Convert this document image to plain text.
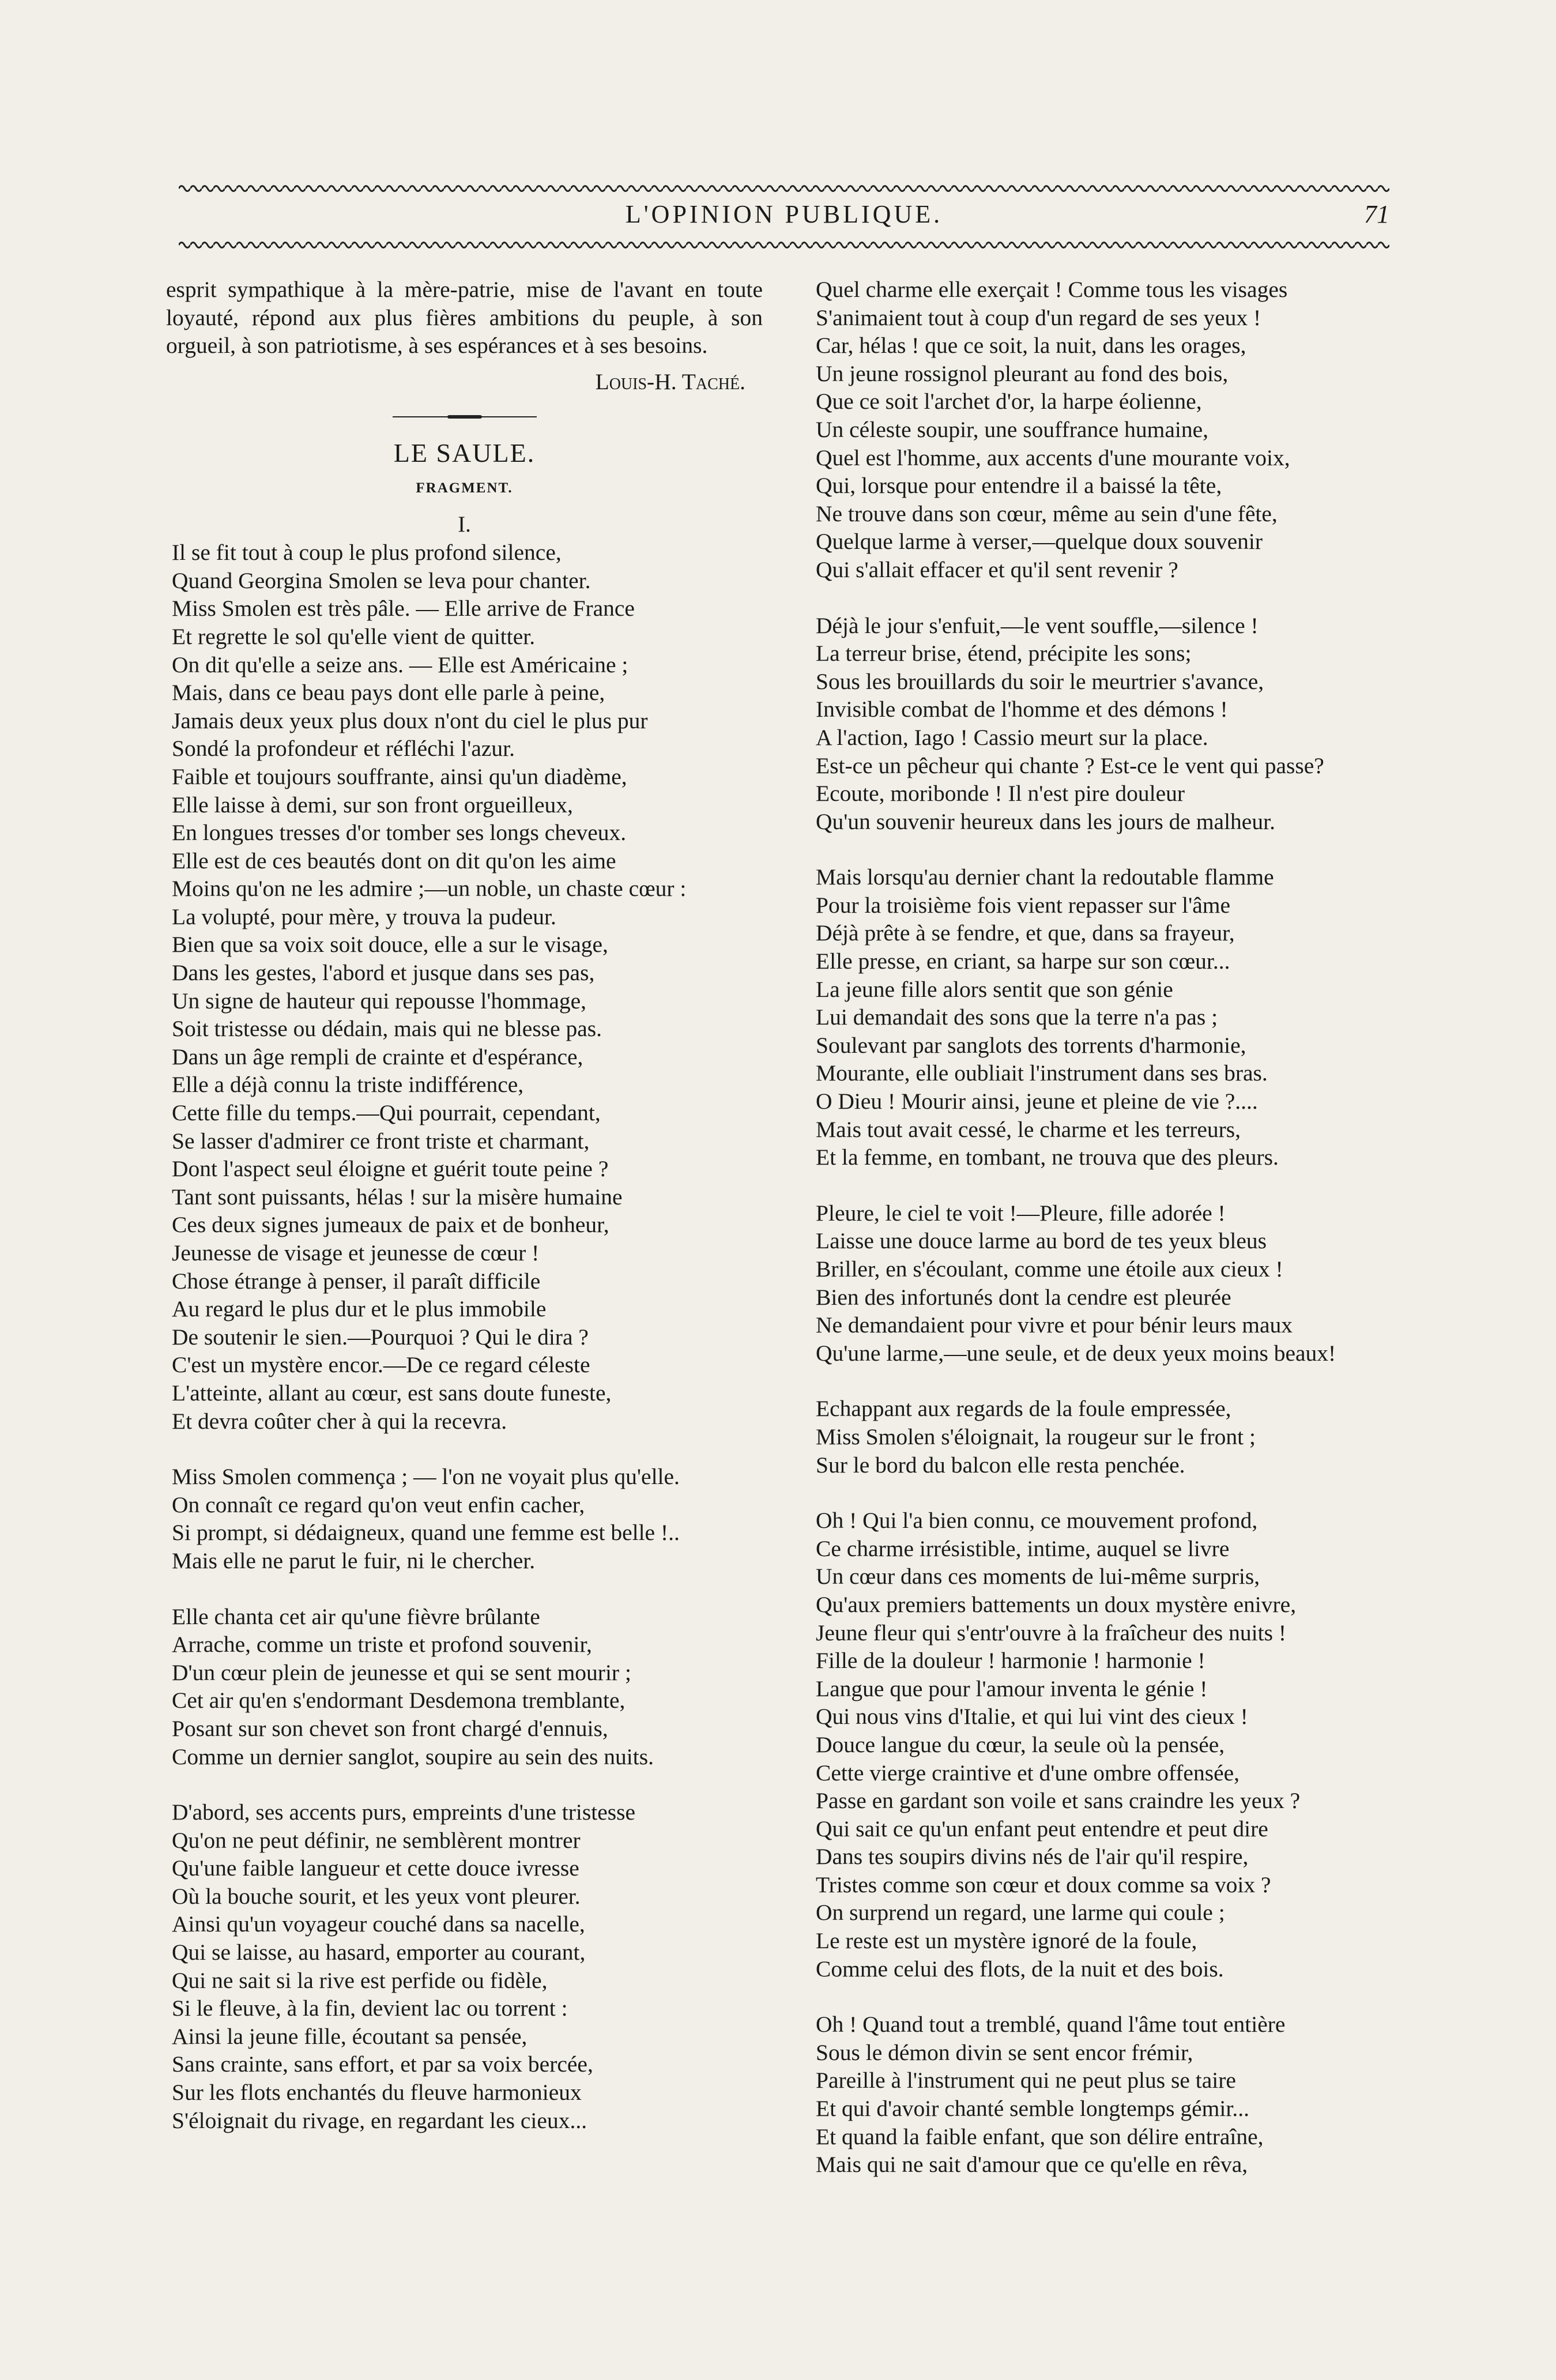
L'OPINION PUBLIQUE.	71

esprit sympathique à la mère-patrie, mise de l'avant en toute loyauté, répond aux plus fières ambitions du peuple, à son orgueil, à son patriotisme, à ses espérances et à ses besoins.

Louis-H. Taché.
LE SAULE.
FRAGMENT.
I.
Il se fit tout à coup le plus profond silence,
Quand Georgina Smolen se leva pour chanter.
Miss Smolen est très pâle. — Elle arrive de France
Et regrette le sol qu'elle vient de quitter.
On dit qu'elle a seize ans. — Elle est Américaine ;
Mais, dans ce beau pays dont elle parle à peine,
Jamais deux yeux plus doux n'ont du ciel le plus pur
Sondé la profondeur et réfléchi l'azur.
Faible et toujours souffrante, ainsi qu'un diadème,
Elle laisse à demi, sur son front orgueilleux,
En longues tresses d'or tomber ses longs cheveux.
Elle est de ces beautés dont on dit qu'on les aime
Moins qu'on ne les admire ;—un noble, un chaste cœur :
La volupté, pour mère, y trouva la pudeur.
Bien que sa voix soit douce, elle a sur le visage,
Dans les gestes, l'abord et jusque dans ses pas,
Un signe de hauteur qui repousse l'hommage,
Soit tristesse ou dédain, mais qui ne blesse pas.
Dans un âge rempli de crainte et d'espérance,
Elle a déjà connu la triste indifférence,
Cette fille du temps.—Qui pourrait, cependant,
Se lasser d'admirer ce front triste et charmant,
Dont l'aspect seul éloigne et guérit toute peine ?
Tant sont puissants, hélas ! sur la misère humaine
Ces deux signes jumeaux de paix et de bonheur,
Jeunesse de visage et jeunesse de cœur !
Chose étrange à penser, il paraît difficile
Au regard le plus dur et le plus immobile
De soutenir le sien.—Pourquoi ? Qui le dira ?
C'est un mystère encor.—De ce regard céleste
L'atteinte, allant au cœur, est sans doute funeste,
Et devra coûter cher à qui la recevra.
Miss Smolen commença ; — l'on ne voyait plus qu'elle.
On connaît ce regard qu'on veut enfin cacher,
Si prompt, si dédaigneux, quand une femme est belle !..
Mais elle ne parut le fuir, ni le chercher.
Elle chanta cet air qu'une fièvre brûlante
Arrache, comme un triste et profond souvenir,
D'un cœur plein de jeunesse et qui se sent mourir ;
Cet air qu'en s'endormant Desdemona tremblante,
Posant sur son chevet son front chargé d'ennuis,
Comme un dernier sanglot, soupire au sein des nuits.
D'abord, ses accents purs, empreints d'une tristesse
Qu'on ne peut définir, ne semblèrent montrer
Qu'une faible langueur et cette douce ivresse
Où la bouche sourit, et les yeux vont pleurer.
Ainsi qu'un voyageur couché dans sa nacelle,
Qui se laisse, au hasard, emporter au courant,
Qui ne sait si la rive est perfide ou fidèle,
Si le fleuve, à la fin, devient lac ou torrent :
Ainsi la jeune fille, écoutant sa pensée,
Sans crainte, sans effort, et par sa voix bercée,
Sur les flots enchantés du fleuve harmonieux
S'éloignait du rivage, en regardant les cieux...
Quel charme elle exerçait ! Comme tous les visages
S'animaient tout à coup d'un regard de ses yeux !
Car, hélas ! que ce soit, la nuit, dans les orages,
Un jeune rossignol pleurant au fond des bois,
Que ce soit l'archet d'or, la harpe éolienne,
Un céleste soupir, une souffrance humaine,
Quel est l'homme, aux accents d'une mourante voix,
Qui, lorsque pour entendre il a baissé la tête,
Ne trouve dans son cœur, même au sein d'une fête,
Quelque larme à verser,—quelque doux souvenir
Qui s'allait effacer et qu'il sent revenir ?
Déjà le jour s'enfuit,—le vent souffle,—silence !
La terreur brise, étend, précipite les sons;
Sous les brouillards du soir le meurtrier s'avance,
Invisible combat de l'homme et des démons !
A l'action, Iago ! Cassio meurt sur la place.
Est-ce un pêcheur qui chante ? Est-ce le vent qui passe?
Ecoute, moribonde ! Il n'est pire douleur
Qu'un souvenir heureux dans les jours de malheur.
Mais lorsqu'au dernier chant la redoutable flamme
Pour la troisième fois vient repasser sur l'âme
Déjà prête à se fendre, et que, dans sa frayeur,
Elle presse, en criant, sa harpe sur son cœur...
La jeune fille alors sentit que son génie
Lui demandait des sons que la terre n'a pas ;
Soulevant par sanglots des torrents d'harmonie,
Mourante, elle oubliait l'instrument dans ses bras.
O Dieu ! Mourir ainsi, jeune et pleine de vie ?....
Mais tout avait cessé, le charme et les terreurs,
Et la femme, en tombant, ne trouva que des pleurs.
Pleure, le ciel te voit !—Pleure, fille adorée !
Laisse une douce larme au bord de tes yeux bleus
Briller, en s'écoulant, comme une étoile aux cieux !
Bien des infortunés dont la cendre est pleurée
Ne demandaient pour vivre et pour bénir leurs maux
Qu'une larme,—une seule, et de deux yeux moins beaux!
Echappant aux regards de la foule empressée,
Miss Smolen s'éloignait, la rougeur sur le front ;
Sur le bord du balcon elle resta penchée.
Oh ! Qui l'a bien connu, ce mouvement profond,
Ce charme irrésistible, intime, auquel se livre
Un cœur dans ces moments de lui-même surpris,
Qu'aux premiers battements un doux mystère enivre,
Jeune fleur qui s'entr'ouvre à la fraîcheur des nuits !
Fille de la douleur ! harmonie ! harmonie !
Langue que pour l'amour inventa le génie !
Qui nous vins d'Italie, et qui lui vint des cieux !
Douce langue du cœur, la seule où la pensée,
Cette vierge craintive et d'une ombre offensée,
Passe en gardant son voile et sans craindre les yeux ?
Qui sait ce qu'un enfant peut entendre et peut dire
Dans tes soupirs divins nés de l'air qu'il respire,
Tristes comme son cœur et doux comme sa voix ?
On surprend un regard, une larme qui coule ;
Le reste est un mystère ignoré de la foule,
Comme celui des flots, de la nuit et des bois.
Oh ! Quand tout a tremblé, quand l'âme tout entière
Sous le démon divin se sent encor frémir,
Pareille à l'instrument qui ne peut plus se taire
Et qui d'avoir chanté semble longtemps gémir...
Et quand la faible enfant, que son délire entraîne,
Mais qui ne sait d'amour que ce qu'elle en rêva,
